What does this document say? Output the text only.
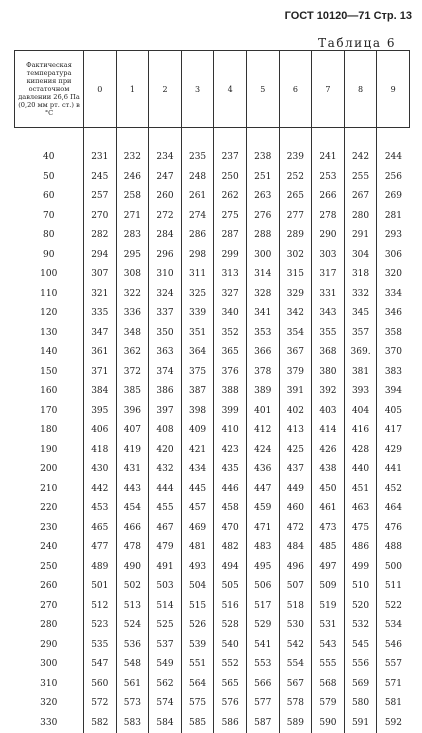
ГОСТ 10120—71 Стр. 13
Таблица 6
Фактическая температура кипения при остаточном давлении 26,6 Па (0,20 мм рт. ст.) в °С	0	1	2	3	4	5	6	7	8	9

40	231	232	234	235	237	238	239	241	242	244
50	245	246	247	248	250	251	252	253	255	256
60	257	258	260	261	262	263	265	266	267	269
70	270	271	272	274	275	276	277	278	280	281
80	282	283	284	286	287	288	289	290	291	293
90	294	295	296	298	299	300	302	303	304	306
100	307	308	310	311	313	314	315	317	318	320
110	321	322	324	325	327	328	329	331	332	334
120	335	336	337	339	340	341	342	343	345	346
130	347	348	350	351	352	353	354	355	357	358
140	361	362	363	364	365	366	367	368	369.	370
150	371	372	374	375	376	378	379	380	381	383
160	384	385	386	387	388	389	391	392	393	394
170	395	396	397	398	399	401	402	403	404	405
180	406	407	408	409	410	412	413	414	416	417
190	418	419	420	421	423	424	425	426	428	429
200	430	431	432	434	435	436	437	438	440	441
210	442	443	444	445	446	447	449	450	451	452
220	453	454	455	457	458	459	460	461	463	464
230	465	466	467	469	470	471	472	473	475	476
240	477	478	479	481	482	483	484	485	486	488
250	489	490	491	493	494	495	496	497	499	500
260	501	502	503	504	505	506	507	509	510	511
270	512	513	514	515	516	517	518	519	520	522
280	523	524	525	526	528	529	530	531	532	534
290	535	536	537	539	540	541	542	543	545	546
300	547	548	549	551	552	553	554	555	556	557
310	560	561	562	564	565	566	567	568	569	571
320	572	573	574	575	576	577	578	579	580	581
330	582	583	584	585	586	587	589	590	591	592
